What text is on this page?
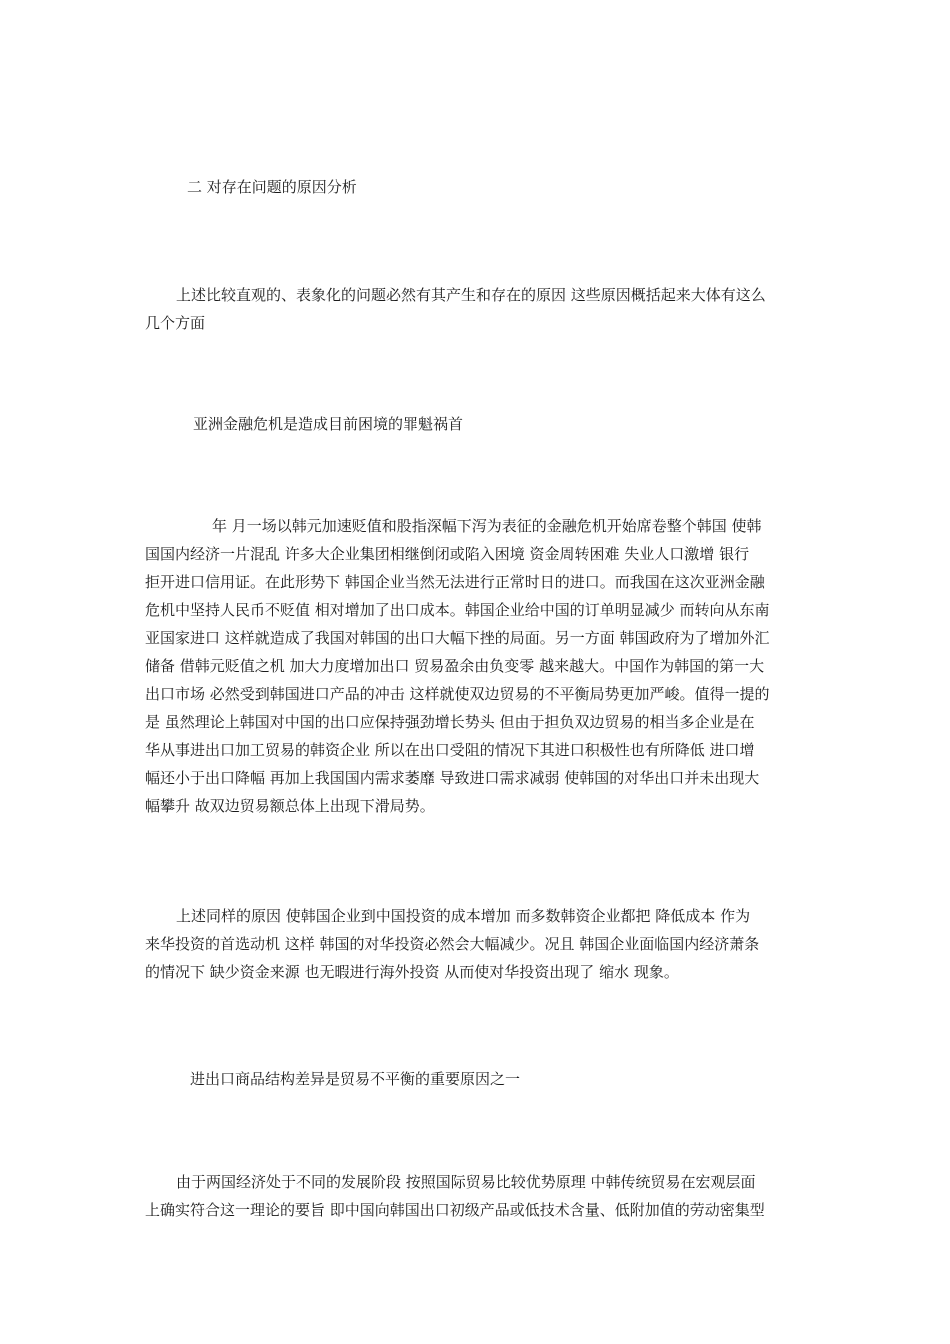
二 对存在问题的原因分析
上述比较直观的、表象化的问题必然有其产生和存在的原因 这些原因概括起来大体有这么
几个方面
亚洲金融危机是造成目前困境的罪魁祸首
年 月一场以韩元加速贬值和股指深幅下泻为表征的金融危机开始席卷整个韩国 使韩
国国内经济一片混乱 许多大企业集团相继倒闭或陷入困境 资金周转困难 失业人口激增 银行
拒开进口信用证。在此形势下 韩国企业当然无法进行正常时日的进口。而我国在这次亚洲金融
危机中坚持人民币不贬值 相对增加了出口成本。韩国企业给中国的订单明显减少 而转向从东南
亚国家进口 这样就造成了我国对韩国的出口大幅下挫的局面。另一方面 韩国政府为了增加外汇
储备 借韩元贬值之机 加大力度增加出口 贸易盈余由负变零 越来越大。中国作为韩国的第一大
出口市场 必然受到韩国进口产品的冲击 这样就使双边贸易的不平衡局势更加严峻。值得一提的
是 虽然理论上韩国对中国的出口应保持强劲增长势头 但由于担负双边贸易的相当多企业是在
华从事进出口加工贸易的韩资企业 所以在出口受阻的情况下其进口积极性也有所降低 进口增
幅还小于出口降幅 再加上我国国内需求萎靡 导致进口需求减弱 使韩国的对华出口并未出现大
幅攀升 故双边贸易额总体上出现下滑局势。
上述同样的原因 使韩国企业到中国投资的成本增加 而多数韩资企业都把 降低成本 作为
来华投资的首选动机 这样 韩国的对华投资必然会大幅减少。况且 韩国企业面临国内经济萧条
的情况下 缺少资金来源 也无暇进行海外投资 从而使对华投资出现了 缩水 现象。
进出口商品结构差异是贸易不平衡的重要原因之一
由于两国经济处于不同的发展阶段 按照国际贸易比较优势原理 中韩传统贸易在宏观层面
上确实符合这一理论的要旨 即中国向韩国出口初级产品或低技术含量、低附加值的劳动密集型
